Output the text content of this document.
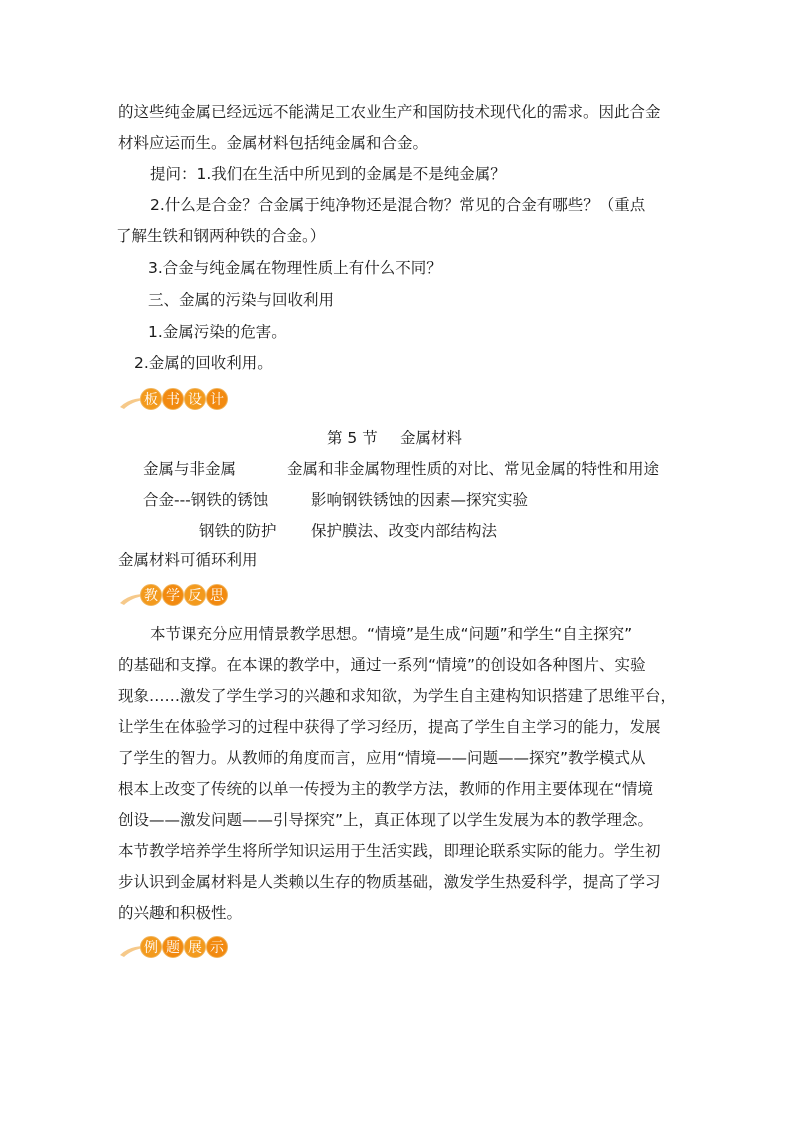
的这些纯金属已经远远不能满足工农业生产和国防技术现代化的需求。因此合金
材料应运而生。金属材料包括纯金属和合金。
提问：1.我们在生活中所见到的金属是不是纯金属？
2.什么是合金？合金属于纯净物还是混合物？常见的合金有哪些？（重点
了解生铁和钢两种铁的合金。）
3.合金与纯金属在物理性质上有什么不同？
三、金属的污染与回收利用
1.金属污染的危害。
2.金属的回收利用。
板 书 设 计
第 5 节 金属材料
金属与非金属	金属和非金属物理性质的对比、常见金属的特性和用途
合金---钢铁的锈蚀	影响钢铁锈蚀的因素—探究实验
钢铁的防护 保护膜法、改变内部结构法
金属材料可循环利用
教 学 反 思
本节课充分应用情景教学思想。“情境”是生成“问题”和学生“自主探究”
的基础和支撑。在本课的教学中，通过一系列“情境”的创设如各种图片、实验
现象……激发了学生学习的兴趣和求知欲，为学生自主建构知识搭建了思维平台，
让学生在体验学习的过程中获得了学习经历，提高了学生自主学习的能力，发展
了学生的智力。从教师的角度而言，应用“情境——问题——探究”教学模式从
根本上改变了传统的以单一传授为主的教学方法，教师的作用主要体现在“情境
创设——激发问题——引导探究”上，真正体现了以学生发展为本的教学理念。
本节教学培养学生将所学知识运用于生活实践，即理论联系实际的能力。学生初
步认识到金属材料是人类赖以生存的物质基础，激发学生热爱科学，提高了学习
的兴趣和积极性。
例 题 展 示
